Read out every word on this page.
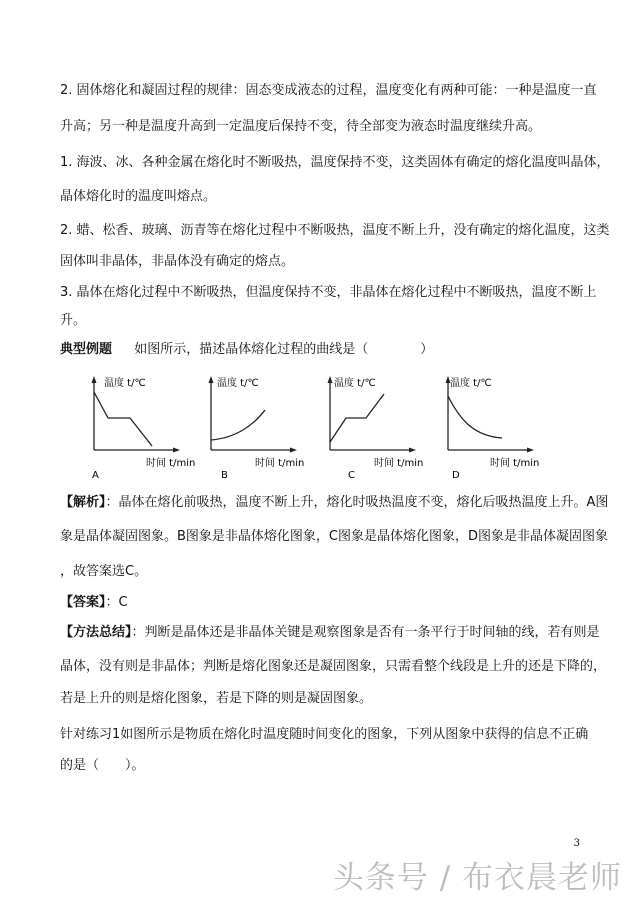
2. 固体熔化和凝固过程的规律：固态变成液态的过程，温度变化有两种可能：一种是温度一直
升高；另一种是温度升高到一定温度后保持不变，待全部变为液态时温度继续升高。
1. 海波、冰、各种金属在熔化时不断吸热，温度保持不变，这类固体有确定的熔化温度叫晶体，
晶体熔化时的温度叫熔点。
2. 蜡、松香、玻璃、沥青等在熔化过程中不断吸热，温度不断上升，没有确定的熔化温度，这类
固体叫非晶体，非晶体没有确定的熔点。
3. 晶体在熔化过程中不断吸热，但温度保持不变，非晶体在熔化过程中不断吸热，温度不断上
升。
典型例题 如图所示，描述晶体熔化过程的曲线是（　　　　）
温度 t/℃
时间 t/min
A
温度 t/℃
时间 t/min
B
温度 t/℃
时间 t/min
C
温度 t/℃
时间 t/min
D
【解析】：晶体在熔化前吸热，温度不断上升，熔化时吸热温度不变，熔化后吸热温度上升。A图
象是晶体凝固图象。B图象是非晶体熔化图象，C图象是晶体熔化图象，D图象是非晶体凝固图象
，故答案选C。
【答案】：C
【方法总结】：判断是晶体还是非晶体关键是观察图象是否有一条平行于时间轴的线，若有则是
晶体，没有则是非晶体；判断是熔化图象还是凝固图象，只需看整个线段是上升的还是下降的，
若是上升的则是熔化图象，若是下降的则是凝固图象。
针对练习1如图所示是物质在熔化时温度随时间变化的图象，下列从图象中获得的信息不正确
的是（　　）。
3
头条号 / 布衣晨老师
